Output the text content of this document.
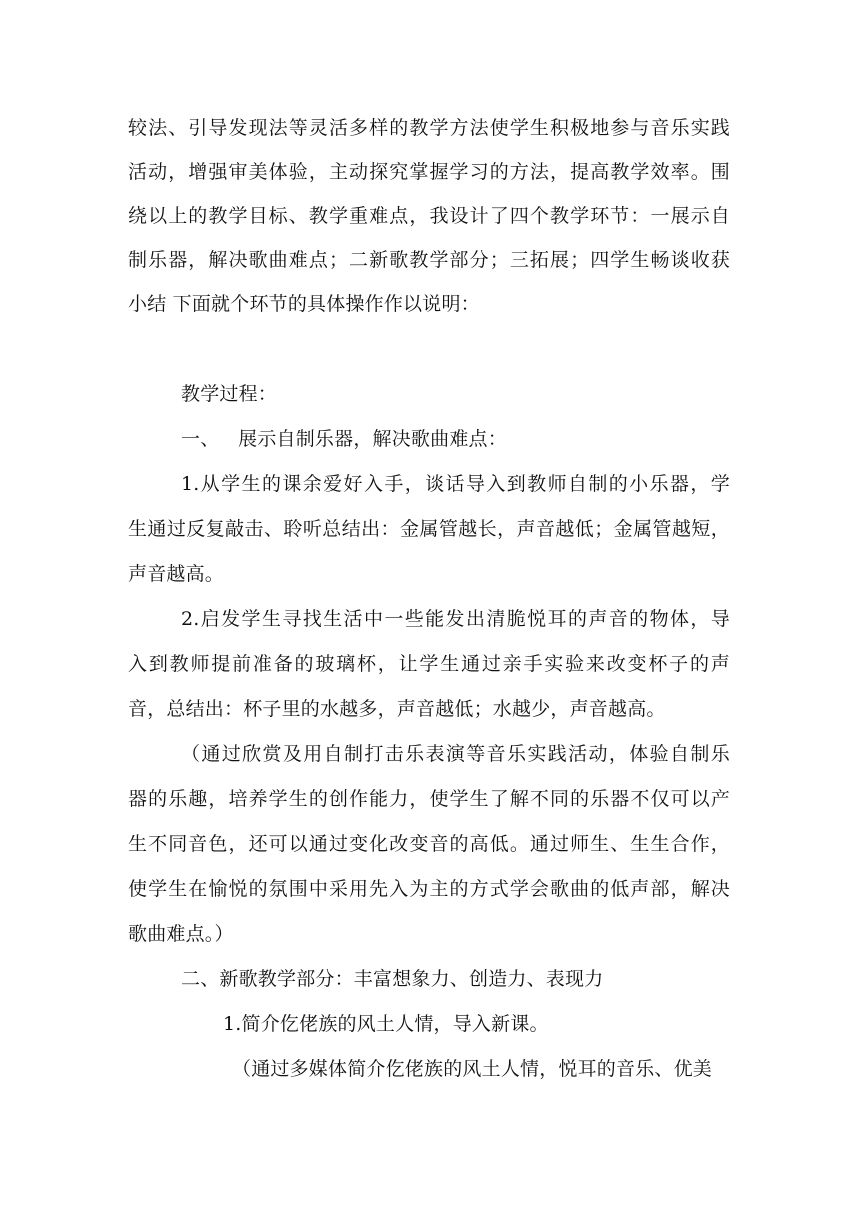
较法、引导发现法等灵活多样的教学方法使学生积极地参与音乐实践
活动，增强审美体验，主动探究掌握学习的方法，提高教学效率。围
绕以上的教学目标、教学重难点，我设计了四个教学环节：一展示自
制乐器，解决歌曲难点；二新歌教学部分；三拓展；四学生畅谈收获
小结 下面就个环节的具体操作作以说明：
教学过程：
一、   展示自制乐器，解决歌曲难点：
1.从学生的课余爱好入手，谈话导入到教师自制的小乐器，学
生通过反复敲击、聆听总结出：金属管越长，声音越低；金属管越短，
声音越高。
2.启发学生寻找生活中一些能发出清脆悦耳的声音的物体，导
入到教师提前准备的玻璃杯，让学生通过亲手实验来改变杯子的声
音，总结出：杯子里的水越多，声音越低；水越少，声音越高。
（通过欣赏及用自制打击乐表演等音乐实践活动，体验自制乐
器的乐趣，培养学生的创作能力，使学生了解不同的乐器不仅可以产
生不同音色，还可以通过变化改变音的高低。通过师生、生生合作，
使学生在愉悦的氛围中采用先入为主的方式学会歌曲的低声部，解决
歌曲难点。）
二、新歌教学部分：丰富想象力、创造力、表现力
1.简介仡佬族的风土人情，导入新课。
（通过多媒体简介仡佬族的风土人情，悦耳的音乐、优美
